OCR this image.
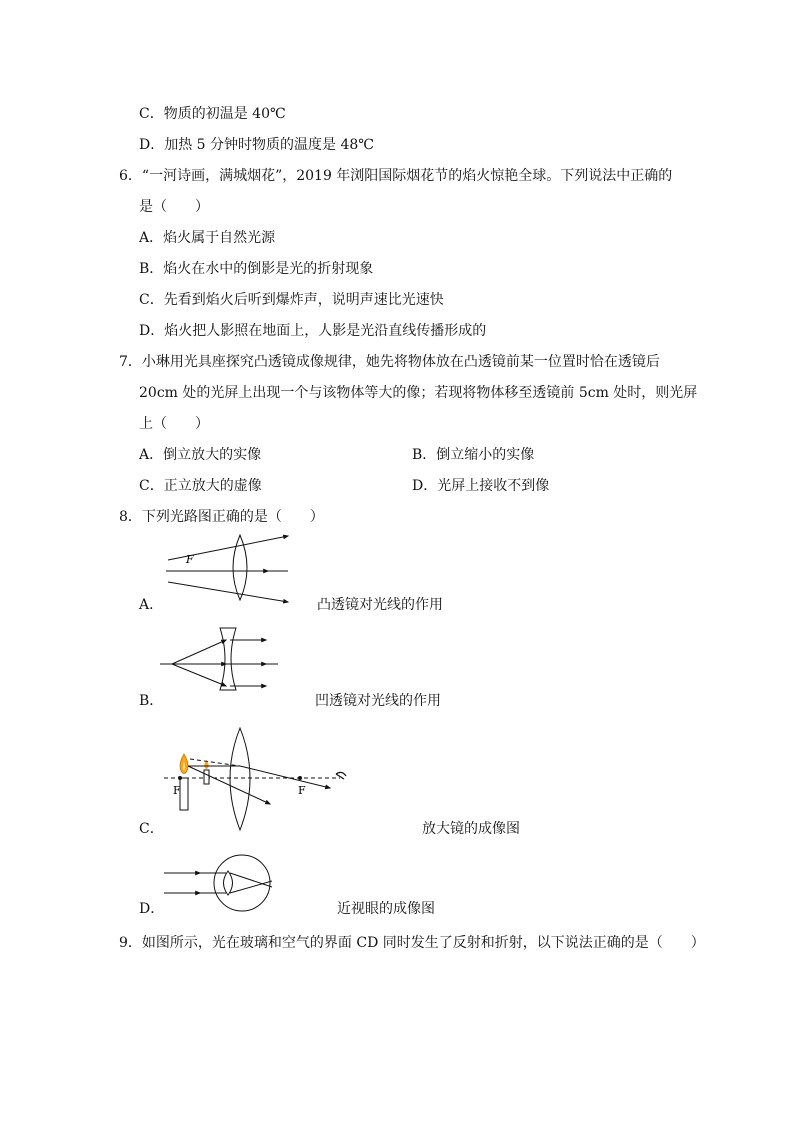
C．物质的初温是 40℃
D．加热 5 分钟时物质的温度是 48℃
6．“一河诗画，满城烟花”，2019 年浏阳国际烟花节的焰火惊艳全球。下列说法中正确的
是（　　）
A．焰火属于自然光源
B．焰火在水中的倒影是光的折射现象
C．先看到焰火后听到爆炸声，说明声速比光速快
D．焰火把人影照在地面上，人影是光沿直线传播形成的
7．小琳用光具座探究凸透镜成像规律，她先将物体放在凸透镜前某一位置时恰在透镜后
20cm 处的光屏上出现一个与该物体等大的像；若现将物体移至透镜前 5cm 处时，则光屏
上（　　）
A．倒立放大的实像	B．倒立缩小的实像
C．正立放大的虚像	D．光屏上接收不到像
8．下列光路图正确的是（　　）
F
A．	凸透镜对光线的作用
B．	凹透镜对光线的作用
F	F
C．	放大镜的成像图
D．	近视眼的成像图
9．如图所示，光在玻璃和空气的界面 CD 同时发生了反射和折射，以下说法正确的是（　　）
